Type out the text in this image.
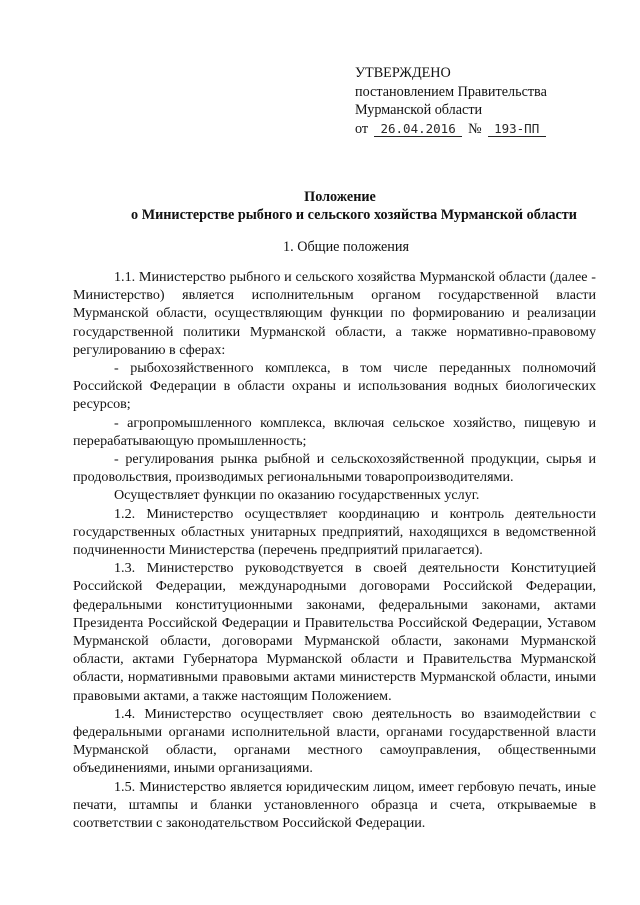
УТВЕРЖДЕНО
постановлением Правительства
Мурманской области
от 26.04.2016 № 193-ПП
Положение
о Министерстве рыбного и сельского хозяйства Мурманской области
1. Общие положения

1.1. Министерство рыбного и сельского хозяйства Мурманской области (далее - Министерство) является исполнительным органом государственной власти Мурманской области, осуществляющим функции по формированию и реализации государственной политики Мурманской области, а также нормативно-правовому регулированию в сферах:

- рыбохозяйственного комплекса, в том числе переданных полномочий Российской Федерации в области охраны и использования водных биологических ресурсов;

- агропромышленного комплекса, включая сельское хозяйство, пищевую и перерабатывающую промышленность;

- регулирования рынка рыбной и сельскохозяйственной продукции, сырья и продовольствия, производимых региональными товаропроизводителями.

Осуществляет функции по оказанию государственных услуг.

1.2. Министерство осуществляет координацию и контроль деятельности государственных областных унитарных предприятий, находящихся в ведомственной подчиненности Министерства (перечень предприятий прилагается).

1.3. Министерство руководствуется в своей деятельности Конституцией Российской Федерации, международными договорами Российской Федерации, федеральными конституционными законами, федеральными законами, актами Президента Российской Федерации и Правительства Российской Федерации, Уставом Мурманской области, договорами Мурманской области, законами Мурманской области, актами Губернатора Мурманской области и Правительства Мурманской области, нормативными правовыми актами министерств Мурманской области, иными правовыми актами, а также настоящим Положением.

1.4. Министерство осуществляет свою деятельность во взаимодействии с федеральными органами исполнительной власти, органами государственной власти Мурманской области, органами местного самоуправления, общественными объединениями, иными организациями.

1.5. Министерство является юридическим лицом, имеет гербовую печать, иные печати, штампы и бланки установленного образца и счета, открываемые в соответствии с законодательством Российской Федерации.
